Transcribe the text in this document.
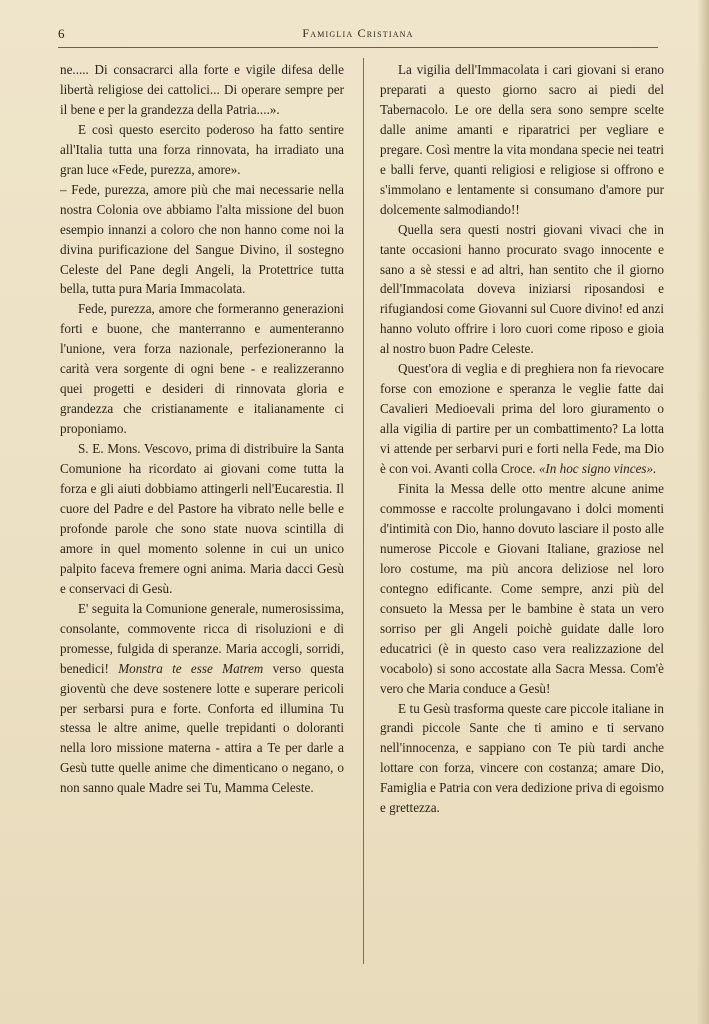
6	Famiglia Cristiana

ne..... Di consacrarci alla forte e vigile difesa delle libertà religiose dei cattolici... Di operare sempre per il bene e per la grandezza della Patria....».

E così questo esercito poderoso ha fatto sentire all'Italia tutta una forza rinnovata, ha irradiato una gran luce «Fede, purezza, amore».

– Fede, purezza, amore più che mai necessarie nella nostra Colonia ove abbiamo l'alta missione del buon esempio innanzi a coloro che non hanno come noi la divina purificazione del Sangue Divino, il sostegno Celeste del Pane degli Angeli, la Protettrice tutta bella, tutta pura Maria Immacolata.

Fede, purezza, amore che formeranno generazioni forti e buone, che manterranno e aumenteranno l'unione, vera forza nazionale, perfezioneranno la carità vera sorgente di ogni bene - e realizzeranno quei progetti e desideri di rinnovata gloria e grandezza che cristianamente e italianamente ci proponiamo.

S. E. Mons. Vescovo, prima di distribuire la Santa Comunione ha ricordato ai giovani come tutta la forza e gli aiuti dobbiamo attingerli nell'Eucarestia. Il cuore del Padre e del Pastore ha vibrato nelle belle e profonde parole che sono state nuova scintilla di amore in quel momento solenne in cui un unico palpito faceva fremere ogni anima. Maria dacci Gesù e conservaci di Gesù.

E' seguita la Comunione generale, numerosissima, consolante, commovente ricca di risoluzioni e di promesse, fulgida di speranze. Maria accogli, sorridi, benedici! Monstra te esse Matrem verso questa gioventù che deve sostenere lotte e superare pericoli per serbarsi pura e forte. Conforta ed illumina Tu stessa le altre anime, quelle trepidanti o doloranti nella loro missione materna - attira a Te per darle a Gesù tutte quelle anime che dimenticano o negano, o non sanno quale Madre sei Tu, Mamma Celeste.

La vigilia dell'Immacolata i cari giovani si erano preparati a questo giorno sacro ai piedi del Tabernacolo. Le ore della sera sono sempre scelte dalle anime amanti e riparatrici per vegliare e pregare. Così mentre la vita mondana specie nei teatri e balli ferve, quanti religiosi e religiose si offrono e s'immolano e lentamente si consumano d'amore pur dolcemente salmodiando!!

Quella sera questi nostri giovani vivaci che in tante occasioni hanno procurato svago innocente e sano a sè stessi e ad altri, han sentito che il giorno dell'Immacolata doveva iniziarsi riposandosi e rifugiandosi come Giovanni sul Cuore divino! ed anzi hanno voluto offrire i loro cuori come riposo e gioia al nostro buon Padre Celeste.

Quest'ora di veglia e di preghiera non fa rievocare forse con emozione e speranza le veglie fatte dai Cavalieri Medioevali prima del loro giuramento o alla vigilia di partire per un combattimento? La lotta vi attende per serbarvi puri e forti nella Fede, ma Dio è con voi. Avanti colla Croce. «In hoc signo vinces».

Finita la Messa delle otto mentre alcune anime commosse e raccolte prolungavano i dolci momenti d'intimità con Dio, hanno dovuto lasciare il posto alle numerose Piccole e Giovani Italiane, graziose nel loro costume, ma più ancora deliziose nel loro contegno edificante. Come sempre, anzi più del consueto la Messa per le bambine è stata un vero sorriso per gli Angeli poichè guidate dalle loro educatrici (è in questo caso vera realizzazione del vocabolo) si sono accostate alla Sacra Messa. Com'è vero che Maria conduce a Gesù!

E tu Gesù trasforma queste care piccole italiane in grandi piccole Sante che ti amino e ti servano nell'innocenza, e sappiano con Te più tardi anche lottare con forza, vincere con costanza; amare Dio, Famiglia e Patria con vera dedizione priva di egoismo e grettezza.
